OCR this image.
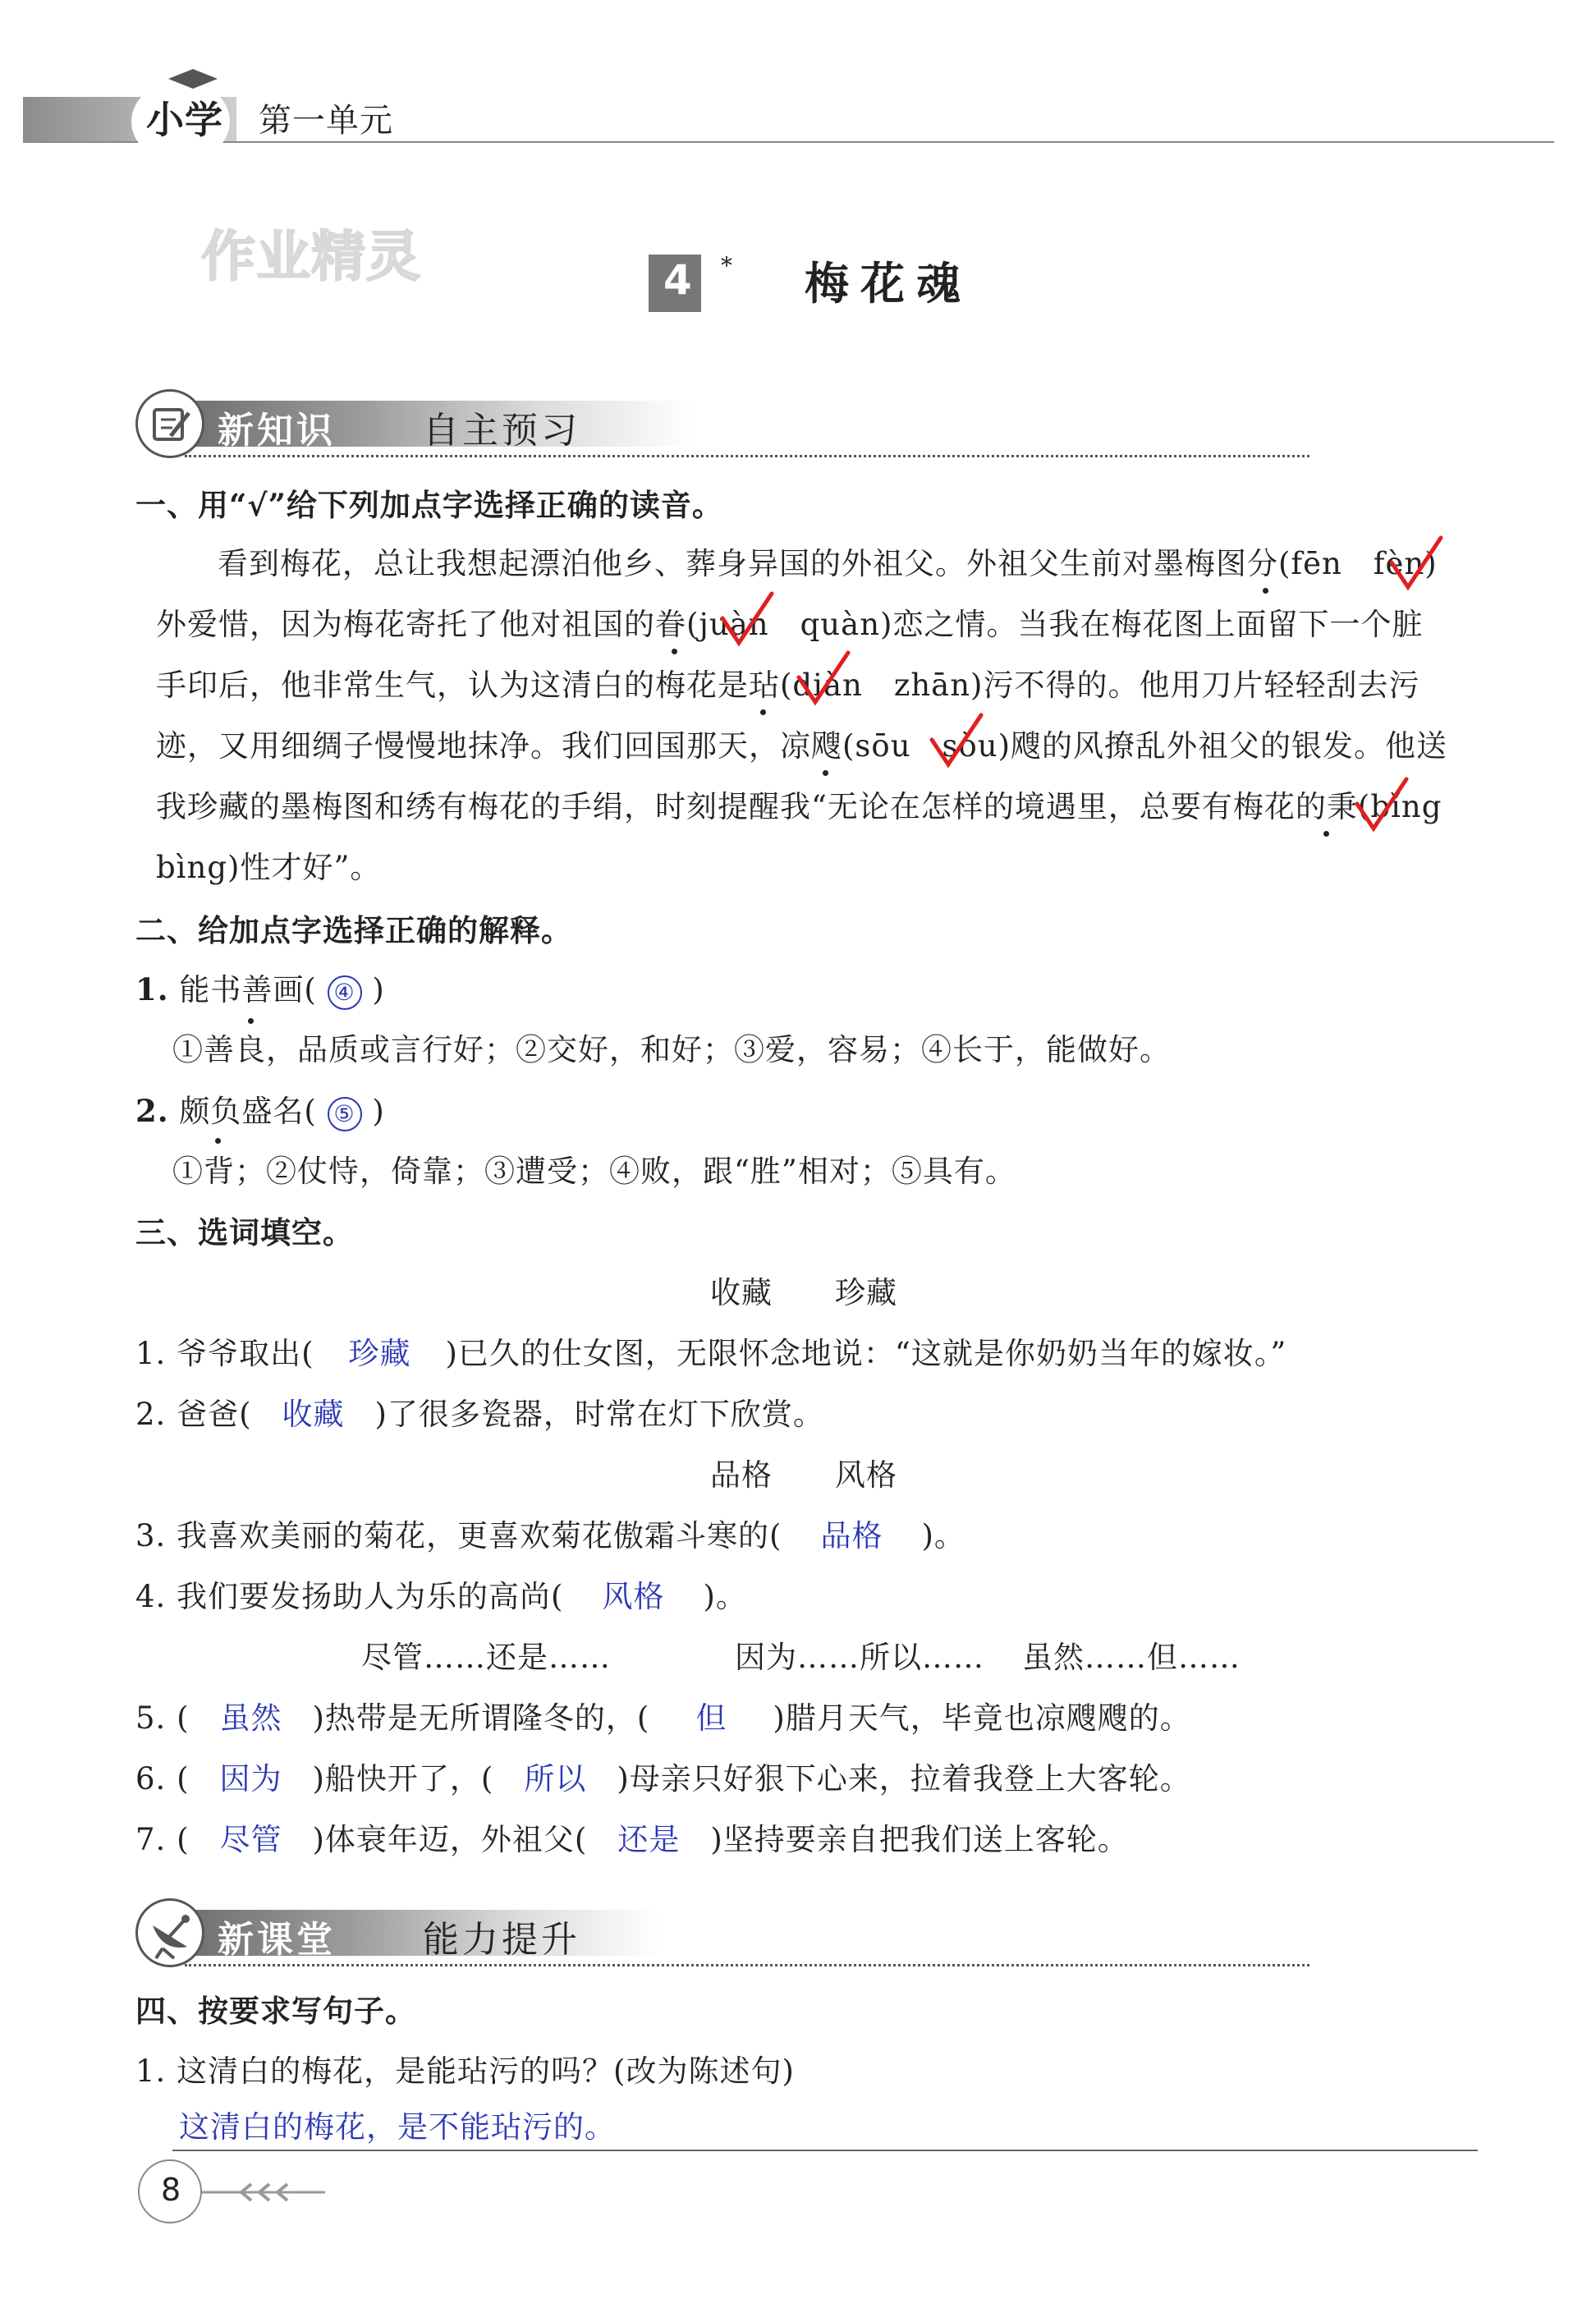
小学 第一单元
作业精灵	4 * 梅花魂
新知识 自主预习
一、用“√”给下列加点字选择正确的读音。
看到梅花，总让我想起漂泊他乡、葬身异国的外祖父。外祖父生前对墨梅图分(fēn　fèn)
外爱惜，因为梅花寄托了他对祖国的眷(juàn　quàn)恋之情。当我在梅花图上面留下一个脏
手印后，他非常生气，认为这清白的梅花是玷(diàn　zhān)污不得的。他用刀片轻轻刮去污
迹，又用细绸子慢慢地抹净。我们回国那天，凉飕(sōu　sòu)飕的风撩乱外祖父的银发。他送
我珍藏的墨梅图和绣有梅花的手绢，时刻提醒我“无论在怎样的境遇里，总要有梅花的秉(bǐng
bìng)性才好”。
二、给加点字选择正确的解释。
1. 能书善画( ④ )
①善良，品质或言行好；②交好，和好；③爱，容易；④长于，能做好。
2. 颇负盛名( ⑤ )
①背；②仗恃，倚靠；③遭受；④败，跟“胜”相对；⑤具有。
三、选词填空。
收藏　　珍藏
1. 爷爷取出( 珍藏 )已久的仕女图，无限怀念地说：“这就是你奶奶当年的嫁妆。”
2. 爸爸( 收藏 )了很多瓷器，时常在灯下欣赏。
品格　　风格
3. 我喜欢美丽的菊花，更喜欢菊花傲霜斗寒的( 品格 )。
4. 我们要发扬助人为乐的高尚( 风格 )。
尽管……还是……	因为……所以…… 虽然……但……
5. ( 虽然 )热带是无所谓隆冬的，( 但 )腊月天气，毕竟也凉飕飕的。
6. ( 因为 )船快开了，( 所以 )母亲只好狠下心来，拉着我登上大客轮。
7. ( 尽管 )体衰年迈，外祖父( 还是 )坚持要亲自把我们送上客轮。
新课堂 能力提升
四、按要求写句子。
1. 这清白的梅花，是能玷污的吗？(改为陈述句)
这清白的梅花，是不能玷污的。
8
